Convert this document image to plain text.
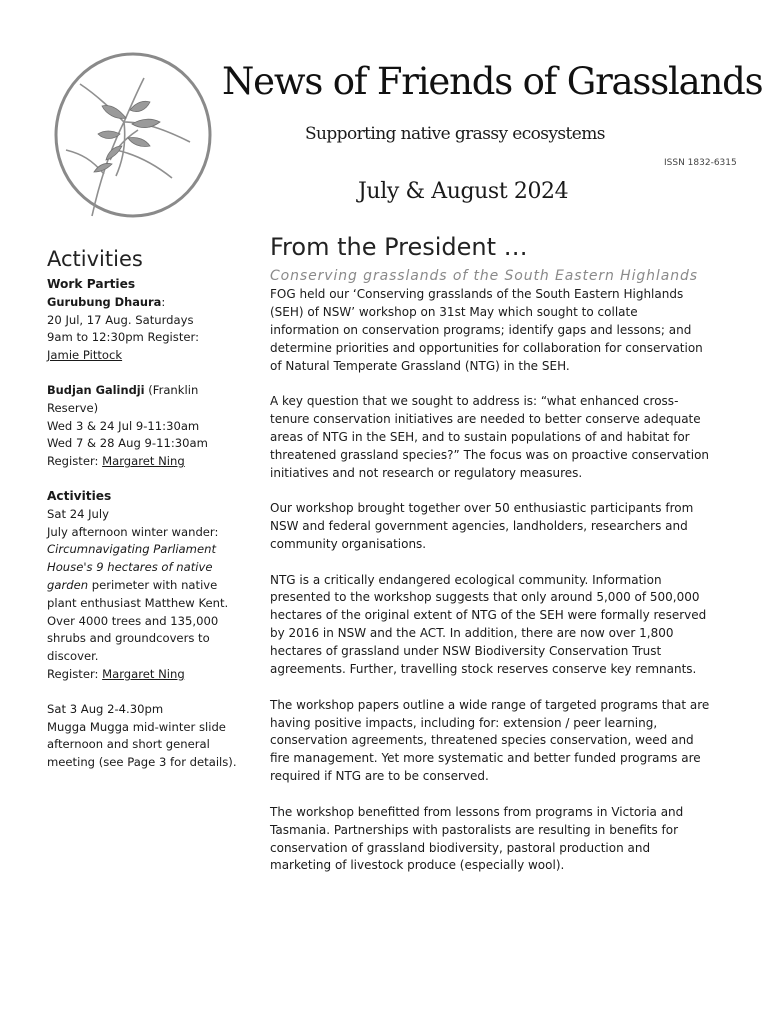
News of Friends of Grasslands
Supporting native grassy ecosystems
ISSN 1832-6315
July & August 2024
Activities
Work Parties

Gurubung Dhaura:

20 Jul, 17 Aug. Saturdays

9am to 12:30pm Register:

Jamie Pittock

Budjan Galindji (Franklin Reserve)

Wed 3 & 24 Jul 9-11:30am

Wed 7 & 28 Aug 9-11:30am

Register: Margaret Ning

Activities

Sat 24 July

July afternoon winter wander: Circumnavigating Parliament House's 9 hectares of native garden perimeter with native plant enthusiast Matthew Kent. Over 4000 trees and 135,000 shrubs and groundcovers to discover.

Register: Margaret Ning

Sat 3 Aug 2-4.30pm

Mugga Mugga mid-winter slide afternoon and short general meeting (see Page 3 for details).

From the President …

Conserving grasslands of the South Eastern Highlands

FOG held our ‘Conserving grasslands of the South Eastern Highlands (SEH) of NSW’ workshop on 31st May which sought to collate information on conservation programs; identify gaps and lessons; and determine priorities and opportunities for collaboration for conservation of Natural Temperate Grassland (NTG) in the SEH.

A key question that we sought to address is: “what enhanced cross-tenure conservation initiatives are needed to better conserve adequate areas of NTG in the SEH, and to sustain populations of and habitat for threatened grassland species?” The focus was on proactive conservation initiatives and not research or regulatory measures.

Our workshop brought together over 50 enthusiastic participants from NSW and federal government agencies, landholders, researchers and community organisations.

NTG is a critically endangered ecological community. Information presented to the workshop suggests that only around 5,000 of 500,000 hectares of the original extent of NTG of the SEH were formally reserved by 2016 in NSW and the ACT. In addition, there are now over 1,800 hectares of grassland under NSW Biodiversity Conservation Trust agreements. Further, travelling stock reserves conserve key remnants.

The workshop papers outline a wide range of targeted programs that are having positive impacts, including for: extension / peer learning, conservation agreements, threatened species conservation, weed and fire management. Yet more systematic and better funded programs are required if NTG are to be conserved.

The workshop benefitted from lessons from programs in Victoria and Tasmania. Partnerships with pastoralists are resulting in benefits for conservation of grassland biodiversity, pastoral production and marketing of livestock produce (especially wool).
